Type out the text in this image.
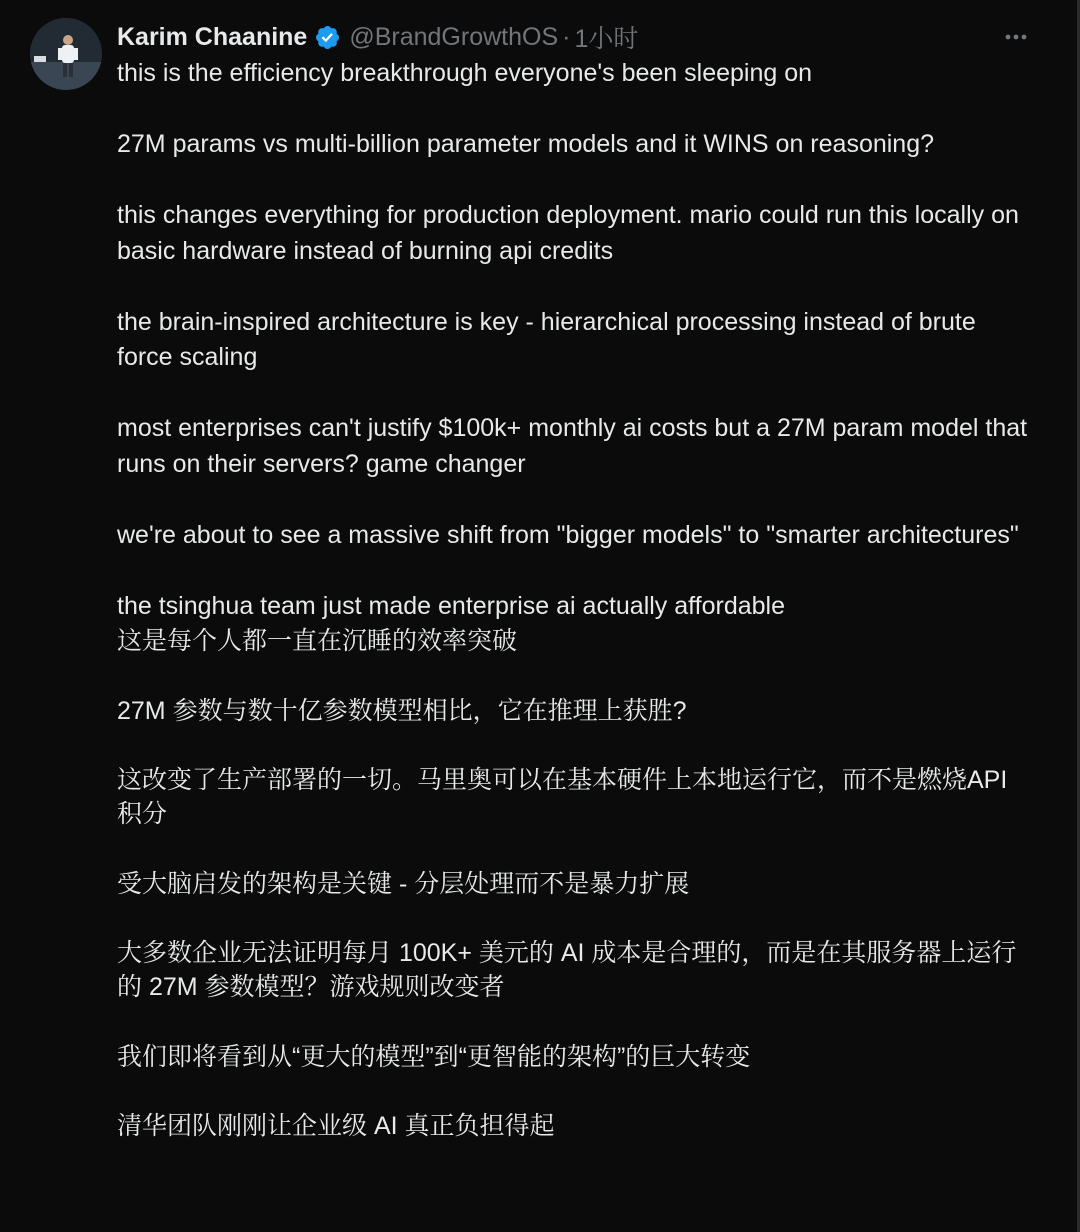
Karim Chaanine @BrandGrowthOS · 1小时

this is the efficiency breakthrough everyone's been sleeping on

27M params vs multi-billion parameter models and it WINS on reasoning?

this changes everything for production deployment. mario could run this locally on basic hardware instead of burning api credits

the brain-inspired architecture is key - hierarchical processing instead of brute force scaling

most enterprises can't justify $100k+ monthly ai costs but a 27M param model that runs on their servers? game changer

we're about to see a massive shift from "bigger models" to "smarter architectures"

the tsinghua team just made enterprise ai actually affordable

这是每个人都一直在沉睡的效率突破

27M 参数与数十亿参数模型相比，它在推理上获胜?

这改变了生产部署的一切。马里奥可以在基本硬件上本地运行它，而不是燃烧API 积分

受大脑启发的架构是关键 - 分层处理而不是暴力扩展

大多数企业无法证明每月 100K+ 美元的 AI 成本是合理的，而是在其服务器上运行的 27M 参数模型？游戏规则改变者

我们即将看到从“更大的模型”到“更智能的架构”的巨大转变

清华团队刚刚让企业级 AI 真正负担得起
